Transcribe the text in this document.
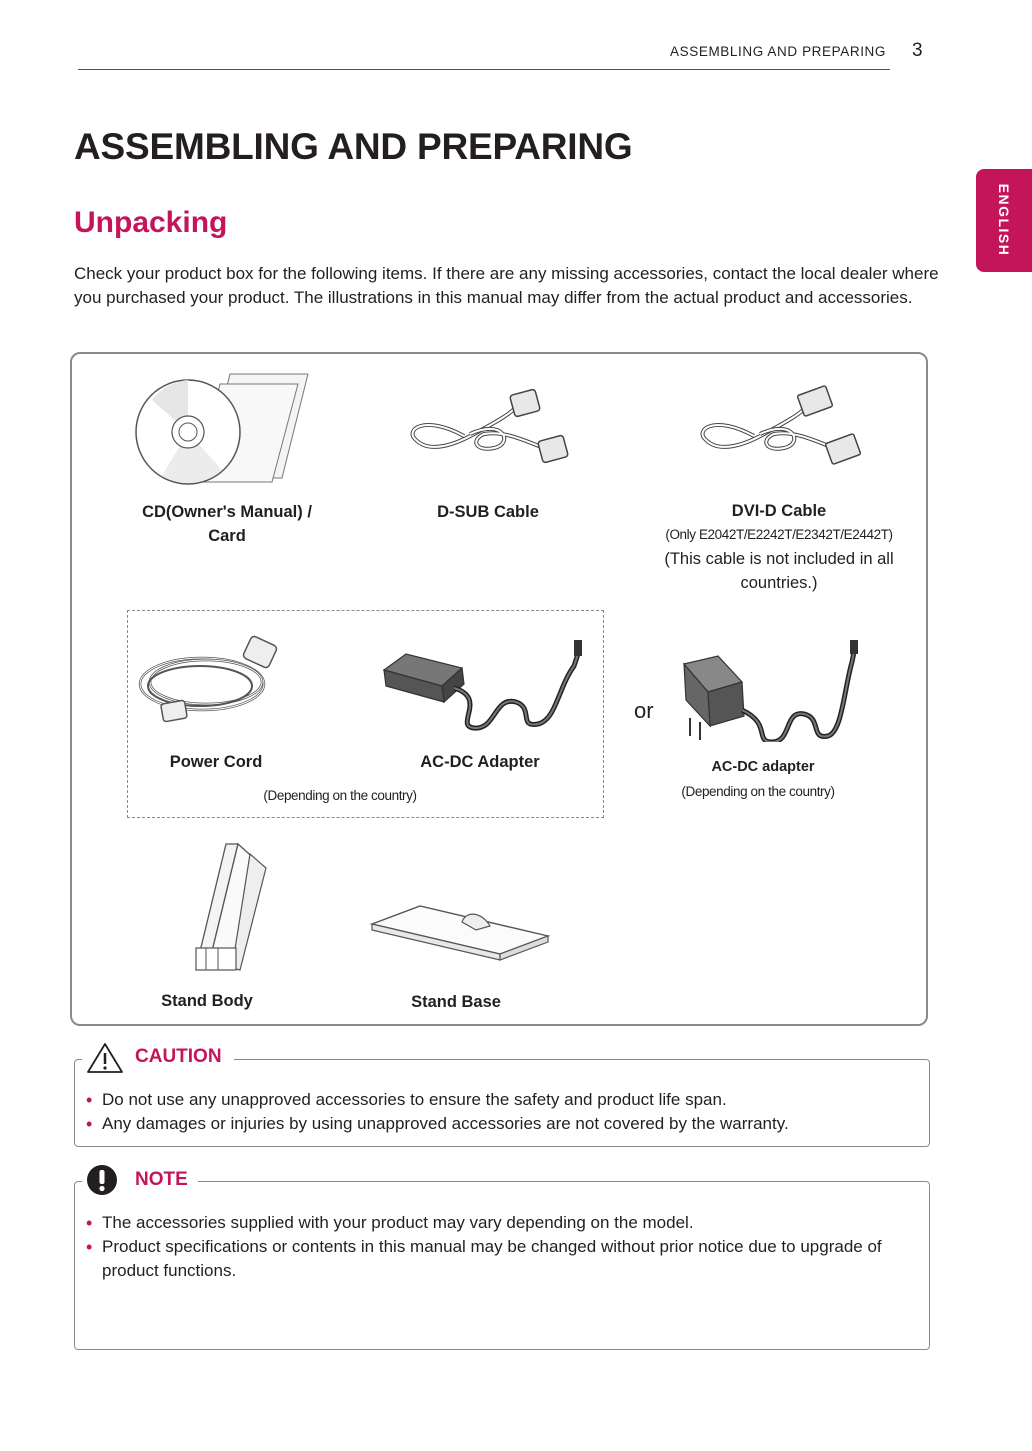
ASSEMBLING AND PREPARING 3
ENGLISH
ASSEMBLING AND PREPARING
Unpacking

Check your product box for the following items. If there are any missing accessories, contact the local dealer where you purchased your product. The illustrations in this manual may differ from the actual product and accessories.

CD(Owner's Manual) /
Card
D-SUB Cable	DVI-D Cable
(Only E2042T/E2242T/E2342T/E2442T)
(This cable is not included in all
countries.)
Power Cord	AC-DC Adapter
(Depending on the country)
or
AC-DC adapter
(Depending on the country)
Stand Body	Stand Base
CAUTION
• Do not use any unapproved accessories to ensure the safety and product life span.
• Any damages or injuries by using unapproved accessories are not covered by the warranty.
NOTE
• The accessories supplied with your product may vary depending on the model.
• Product specifications or contents in this manual may be changed without prior notice due to upgrade of product functions.
